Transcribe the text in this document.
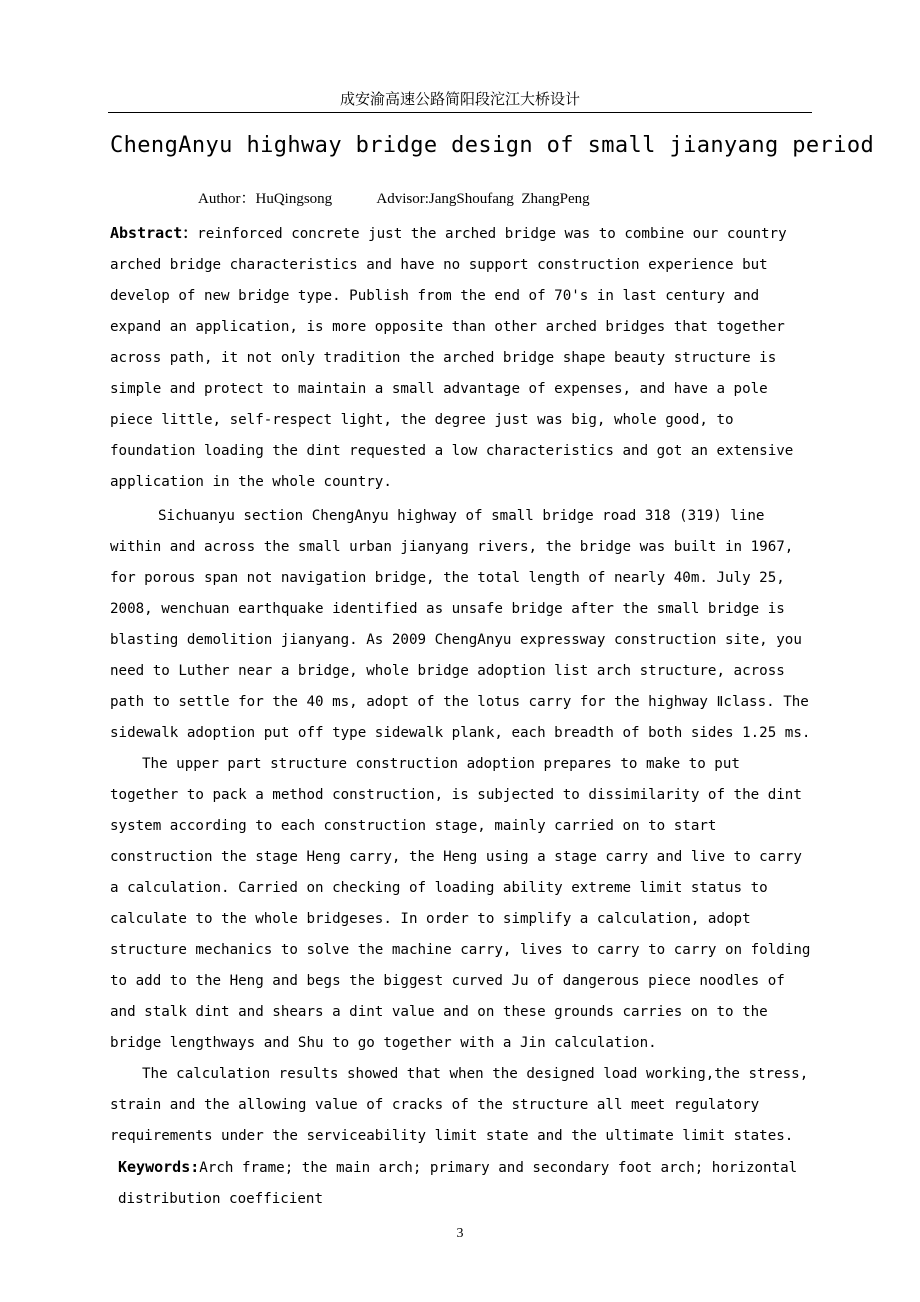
成安渝高速公路简阳段沱江大桥设计
ChengAnyu highway bridge design of small jianyang period
Author：HuQingsong	Advisor:JangShoufang  ZhangPeng

Abstract：reinforced concrete just the arched bridge was to combine our country arched bridge characteristics and have no support construction experience but develop of new bridge type. Publish from the end of 70's in last century and expand an application, is more opposite than other arched bridges that together across path, it not only tradition the arched bridge shape beauty structure is simple and protect to maintain a small advantage of expenses, and have a pole piece little, self-respect light, the degree just was big, whole good, to foundation loading the dint requested a low characteristics and got an extensive application in the whole country.

Sichuanyu section ChengAnyu highway of small bridge road 318 (319) line within and across the small urban jianyang rivers, the bridge was built in 1967, for porous span not navigation bridge, the total length of nearly 40m. July 25, 2008, wenchuan earthquake identified as unsafe bridge after the small bridge is blasting demolition jianyang. As 2009 ChengAnyu expressway construction site, you need to Luther near a bridge, whole bridge adoption list arch structure, across path to settle for the 40 ms, adopt of the lotus carry for the highway Ⅱclass. The sidewalk adoption put off type sidewalk plank, each breadth of both sides 1.25 ms.

The upper part structure construction adoption prepares to make to put together to pack a method construction, is subjected to dissimilarity of the dint system according to each construction stage, mainly carried on to start construction the stage Heng carry, the Heng using a stage carry and live to carry a calculation. Carried on checking of loading ability extreme limit status to calculate to the whole bridgeses. In order to simplify a calculation, adopt structure mechanics to solve the machine carry, lives to carry to carry on folding to add to the Heng and begs the biggest curved Ju of dangerous piece noodles of and stalk dint and shears a dint value and on these grounds carries on to the bridge lengthways and Shu to go together with a Jin calculation.

The calculation results showed that when the designed load working,the stress, strain and the allowing value of cracks of the structure all meet regulatory requirements under the serviceability limit state and the ultimate limit states.

Keywords:Arch frame; the main arch; primary and secondary foot arch; horizontal distribution coefficient

3
